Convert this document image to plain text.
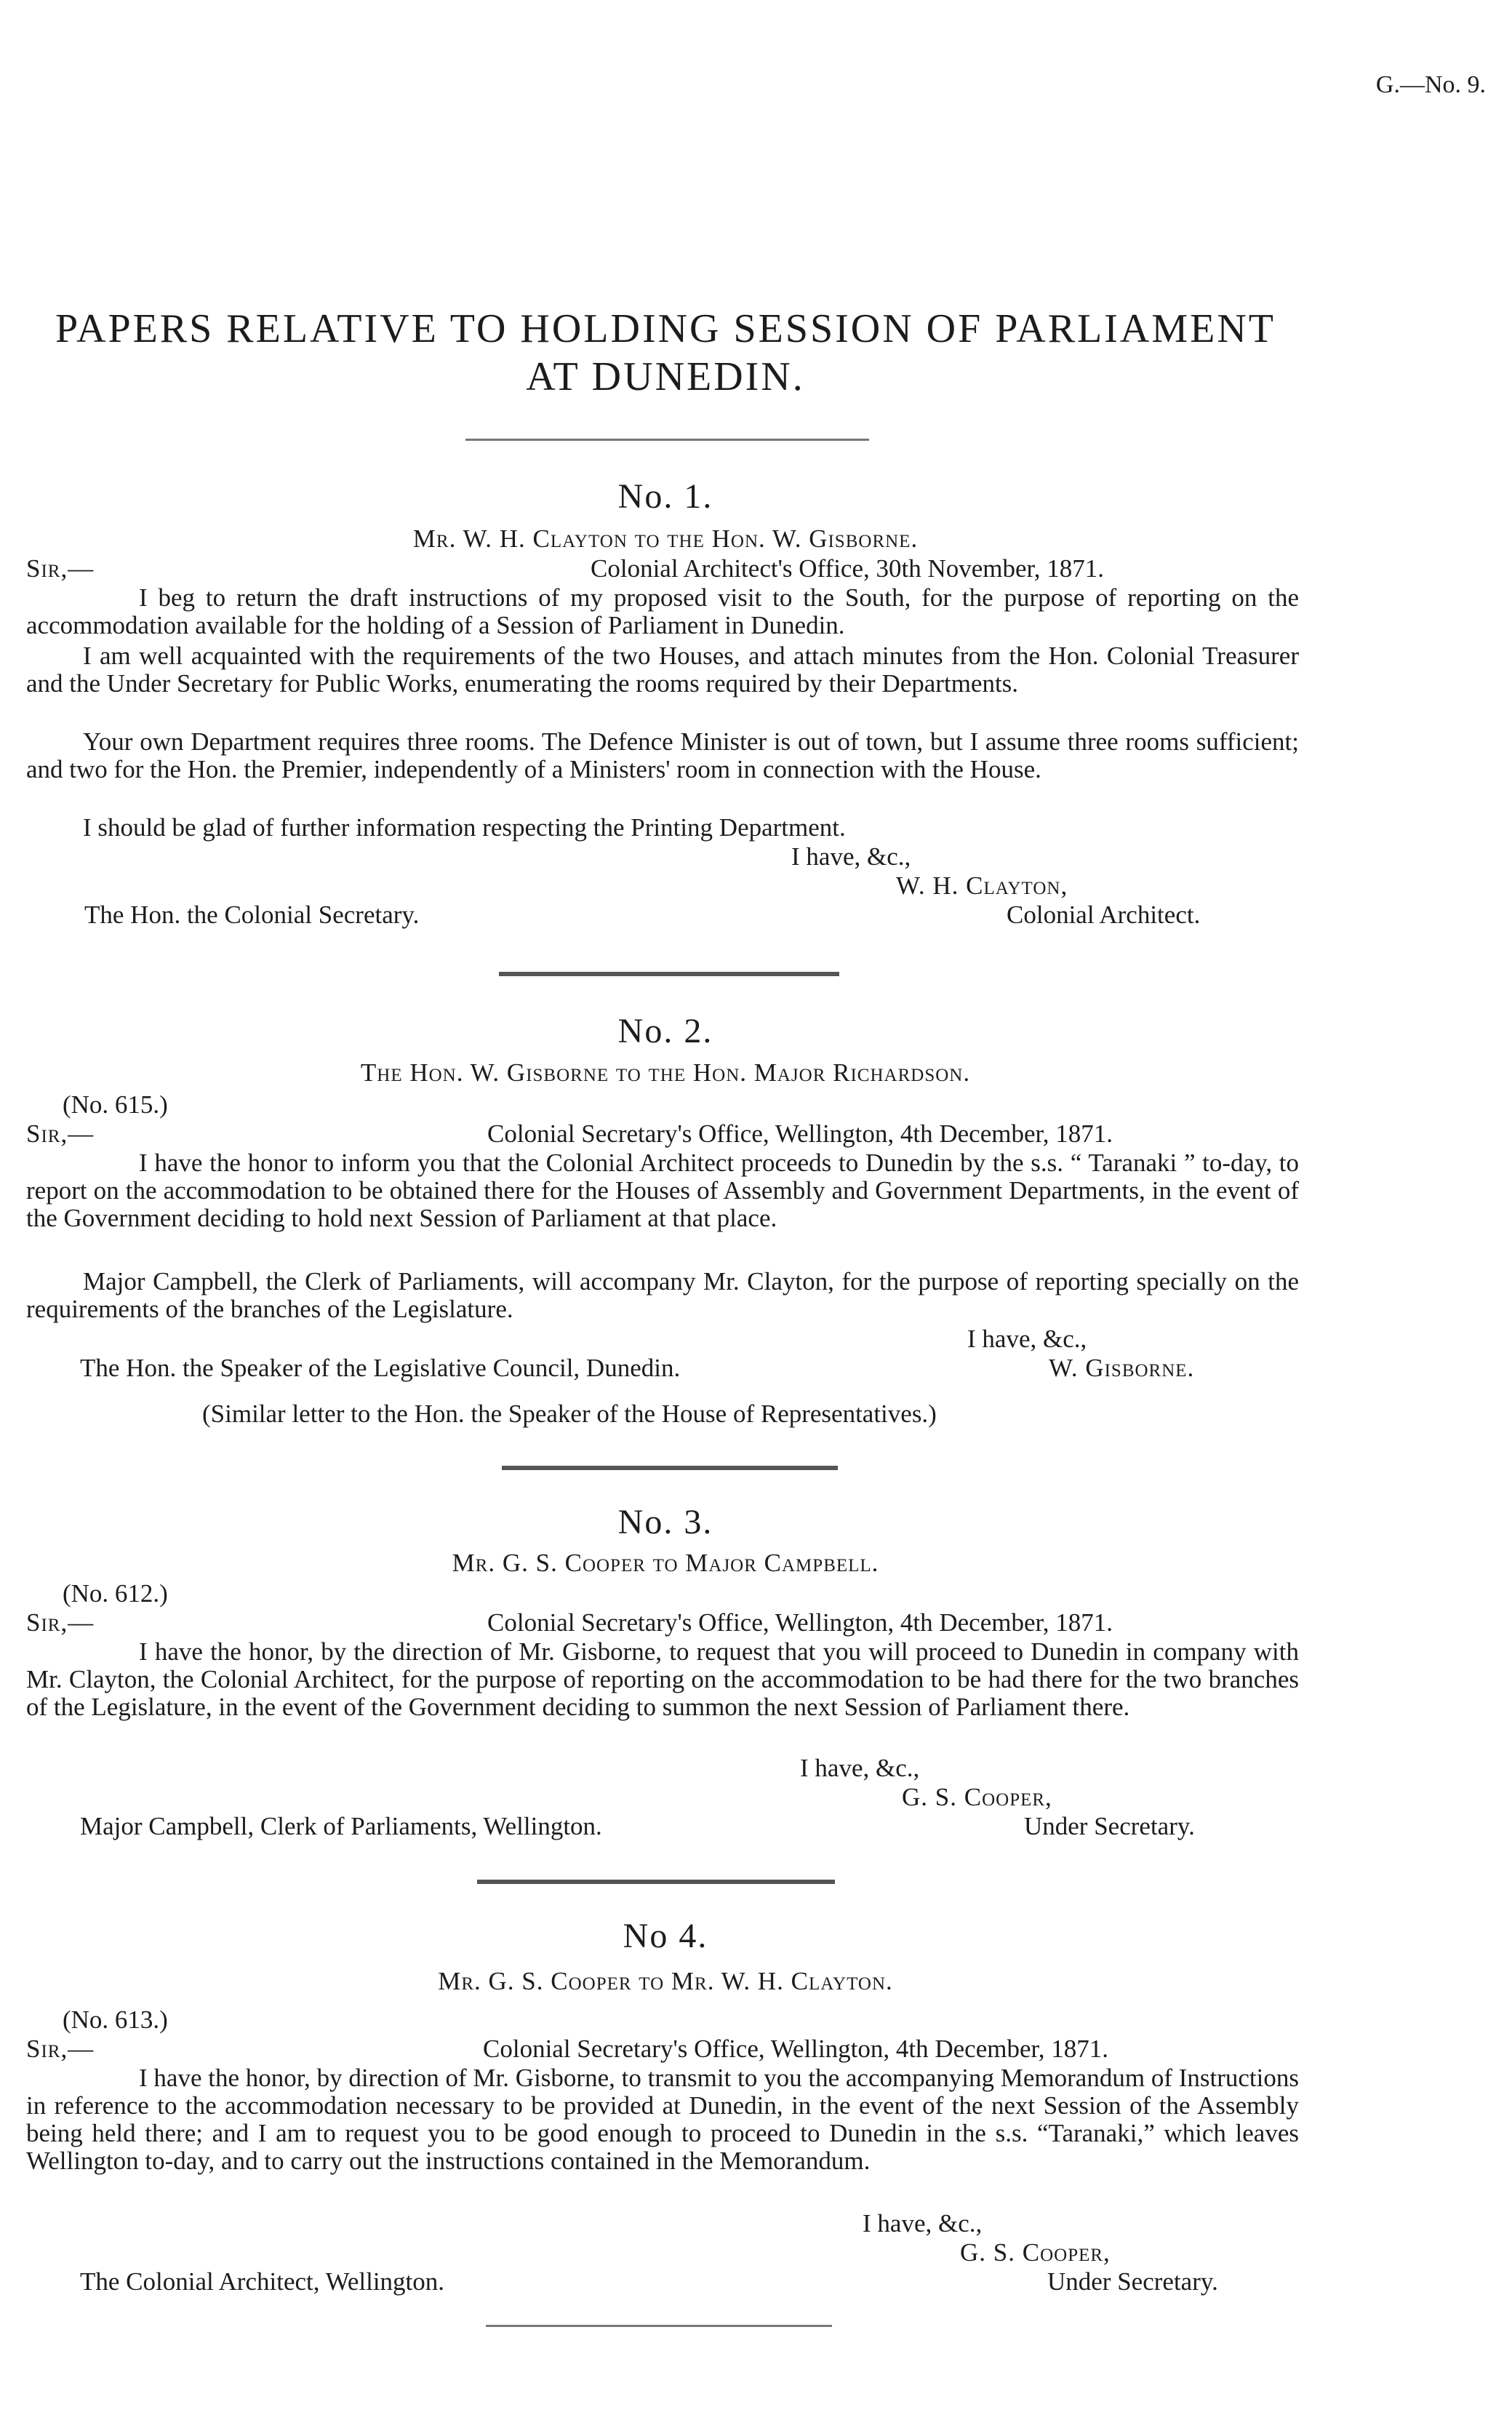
G.—No. 9.
PAPERS RELATIVE TO HOLDING SESSION OF PARLIAMENT
AT DUNEDIN.
No. 1.
Mr. W. H. Clayton to the Hon. W. Gisborne.
Sir,—	Colonial Architect's Office, 30th November, 1871.
I beg to return the draft instructions of my proposed visit to the South, for the purpose of reporting on the accommodation available for the holding of a Session of Parliament in Dunedin.
I am well acquainted with the requirements of the two Houses, and attach minutes from the Hon. Colonial Treasurer and the Under Secretary for Public Works, enumerating the rooms required by their Departments.
Your own Department requires three rooms. The Defence Minister is out of town, but I assume three rooms sufficient; and two for the Hon. the Premier, independently of a Ministers' room in connection with the House.
I should be glad of further information respecting the Printing Department.
I have, &c.,
W. H. Clayton,
The Hon. the Colonial Secretary.	Colonial Architect.
No. 2.
The Hon. W. Gisborne to the Hon. Major Richardson.
(No. 615.)
Sir,—	Colonial Secretary's Office, Wellington, 4th December, 1871.
I have the honor to inform you that the Colonial Architect proceeds to Dunedin by the s.s. “ Taranaki ” to-day, to report on the accommodation to be obtained there for the Houses of Assembly and Government Departments, in the event of the Government deciding to hold next Session of Parliament at that place.
Major Campbell, the Clerk of Parliaments, will accompany Mr. Clayton, for the purpose of reporting specially on the requirements of the branches of the Legislature.
I have, &c.,
The Hon. the Speaker of the Legislative Council, Dunedin.	W. Gisborne.
(Similar letter to the Hon. the Speaker of the House of Representatives.)
No. 3.
Mr. G. S. Cooper to Major Campbell.
(No. 612.)
Sir,—	Colonial Secretary's Office, Wellington, 4th December, 1871.
I have the honor, by the direction of Mr. Gisborne, to request that you will proceed to Dunedin in company with Mr. Clayton, the Colonial Architect, for the purpose of reporting on the accommodation to be had there for the two branches of the Legislature, in the event of the Government deciding to summon the next Session of Parliament there.
I have, &c.,
G. S. Cooper,
Major Campbell, Clerk of Parliaments, Wellington.	Under Secretary.
No 4.
Mr. G. S. Cooper to Mr. W. H. Clayton.
(No. 613.)
Sir,—	Colonial Secretary's Office, Wellington, 4th December, 1871.
I have the honor, by direction of Mr. Gisborne, to transmit to you the accompanying Memorandum of Instructions in reference to the accommodation necessary to be provided at Dunedin, in the event of the next Session of the Assembly being held there; and I am to request you to be good enough to proceed to Dunedin in the s.s. “Taranaki,” which leaves Wellington to-day, and to carry out the instructions contained in the Memorandum.
I have, &c.,
G. S. Cooper,
The Colonial Architect, Wellington.	Under Secretary.
